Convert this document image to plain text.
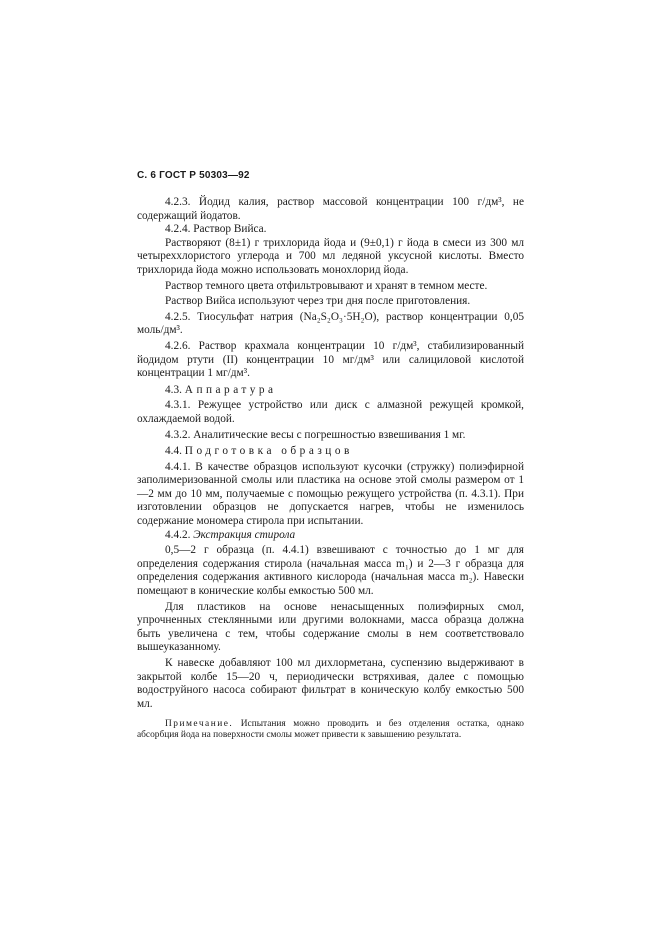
С. 6 ГОСТ Р 50303—92

4.2.3. Йодид калия, раствор массовой концентрации 100 г/дм³, не содержащий йодатов.

4.2.4. Раствор Вийса.

Растворяют (8±1) г трихлорида йода и (9±0,1) г йода в смеси из 300 мл четыреххлористого углерода и 700 мл ледяной уксусной кислоты. Вместо трихлорида йода можно использовать монохлорид йода.

Раствор темного цвета отфильтровывают и хранят в темном месте.

Раствор Вийса используют через три дня после приготовления.

4.2.5. Тиосульфат натрия (Na₂S₂O₃·5H₂O), раствор концентрации 0,05 моль/дм³.

4.2.6. Раствор крахмала концентрации 10 г/дм³, стабилизированный йодидом ртути (II) концентрации 10 мг/дм³ или салициловой кислотой концентрации 1 мг/дм³.

4.3. Аппаратура

4.3.1. Режущее устройство или диск с алмазной режущей кромкой, охлаждаемой водой.

4.3.2. Аналитические весы с погрешностью взвешивания 1 мг.

4.4. Подготовка образцов

4.4.1. В качестве образцов используют кусочки (стружку) полиэфирной заполимеризованной смолы или пластика на основе этой смолы размером от 1—2 мм до 10 мм, получаемые с помощью режущего устройства (п. 4.3.1). При изготовлении образцов не допускается нагрев, чтобы не изменилось содержание мономера стирола при испытании.

4.4.2. Экстракция стирола

0,5—2 г образца (п. 4.4.1) взвешивают с точностью до 1 мг для определения содержания стирола (начальная масса m₁) и 2—3 г образца для определения содержания активного кислорода (начальная масса m₂). Навески помещают в конические колбы емкостью 500 мл.

Для пластиков на основе ненасыщенных полиэфирных смол, упрочненных стеклянными или другими волокнами, масса образца должна быть увеличена с тем, чтобы содержание смолы в нем соответствовало вышеуказанному.

К навеске добавляют 100 мл дихлорметана, суспензию выдерживают в закрытой колбе 15—20 ч, периодически встряхивая, далее с помощью водоструйного насоса собирают фильтрат в коническую колбу емкостью 500 мл.

Примечание. Испытания можно проводить и без отделения остатка, однако абсорбция йода на поверхности смолы может привести к завышению результата.
